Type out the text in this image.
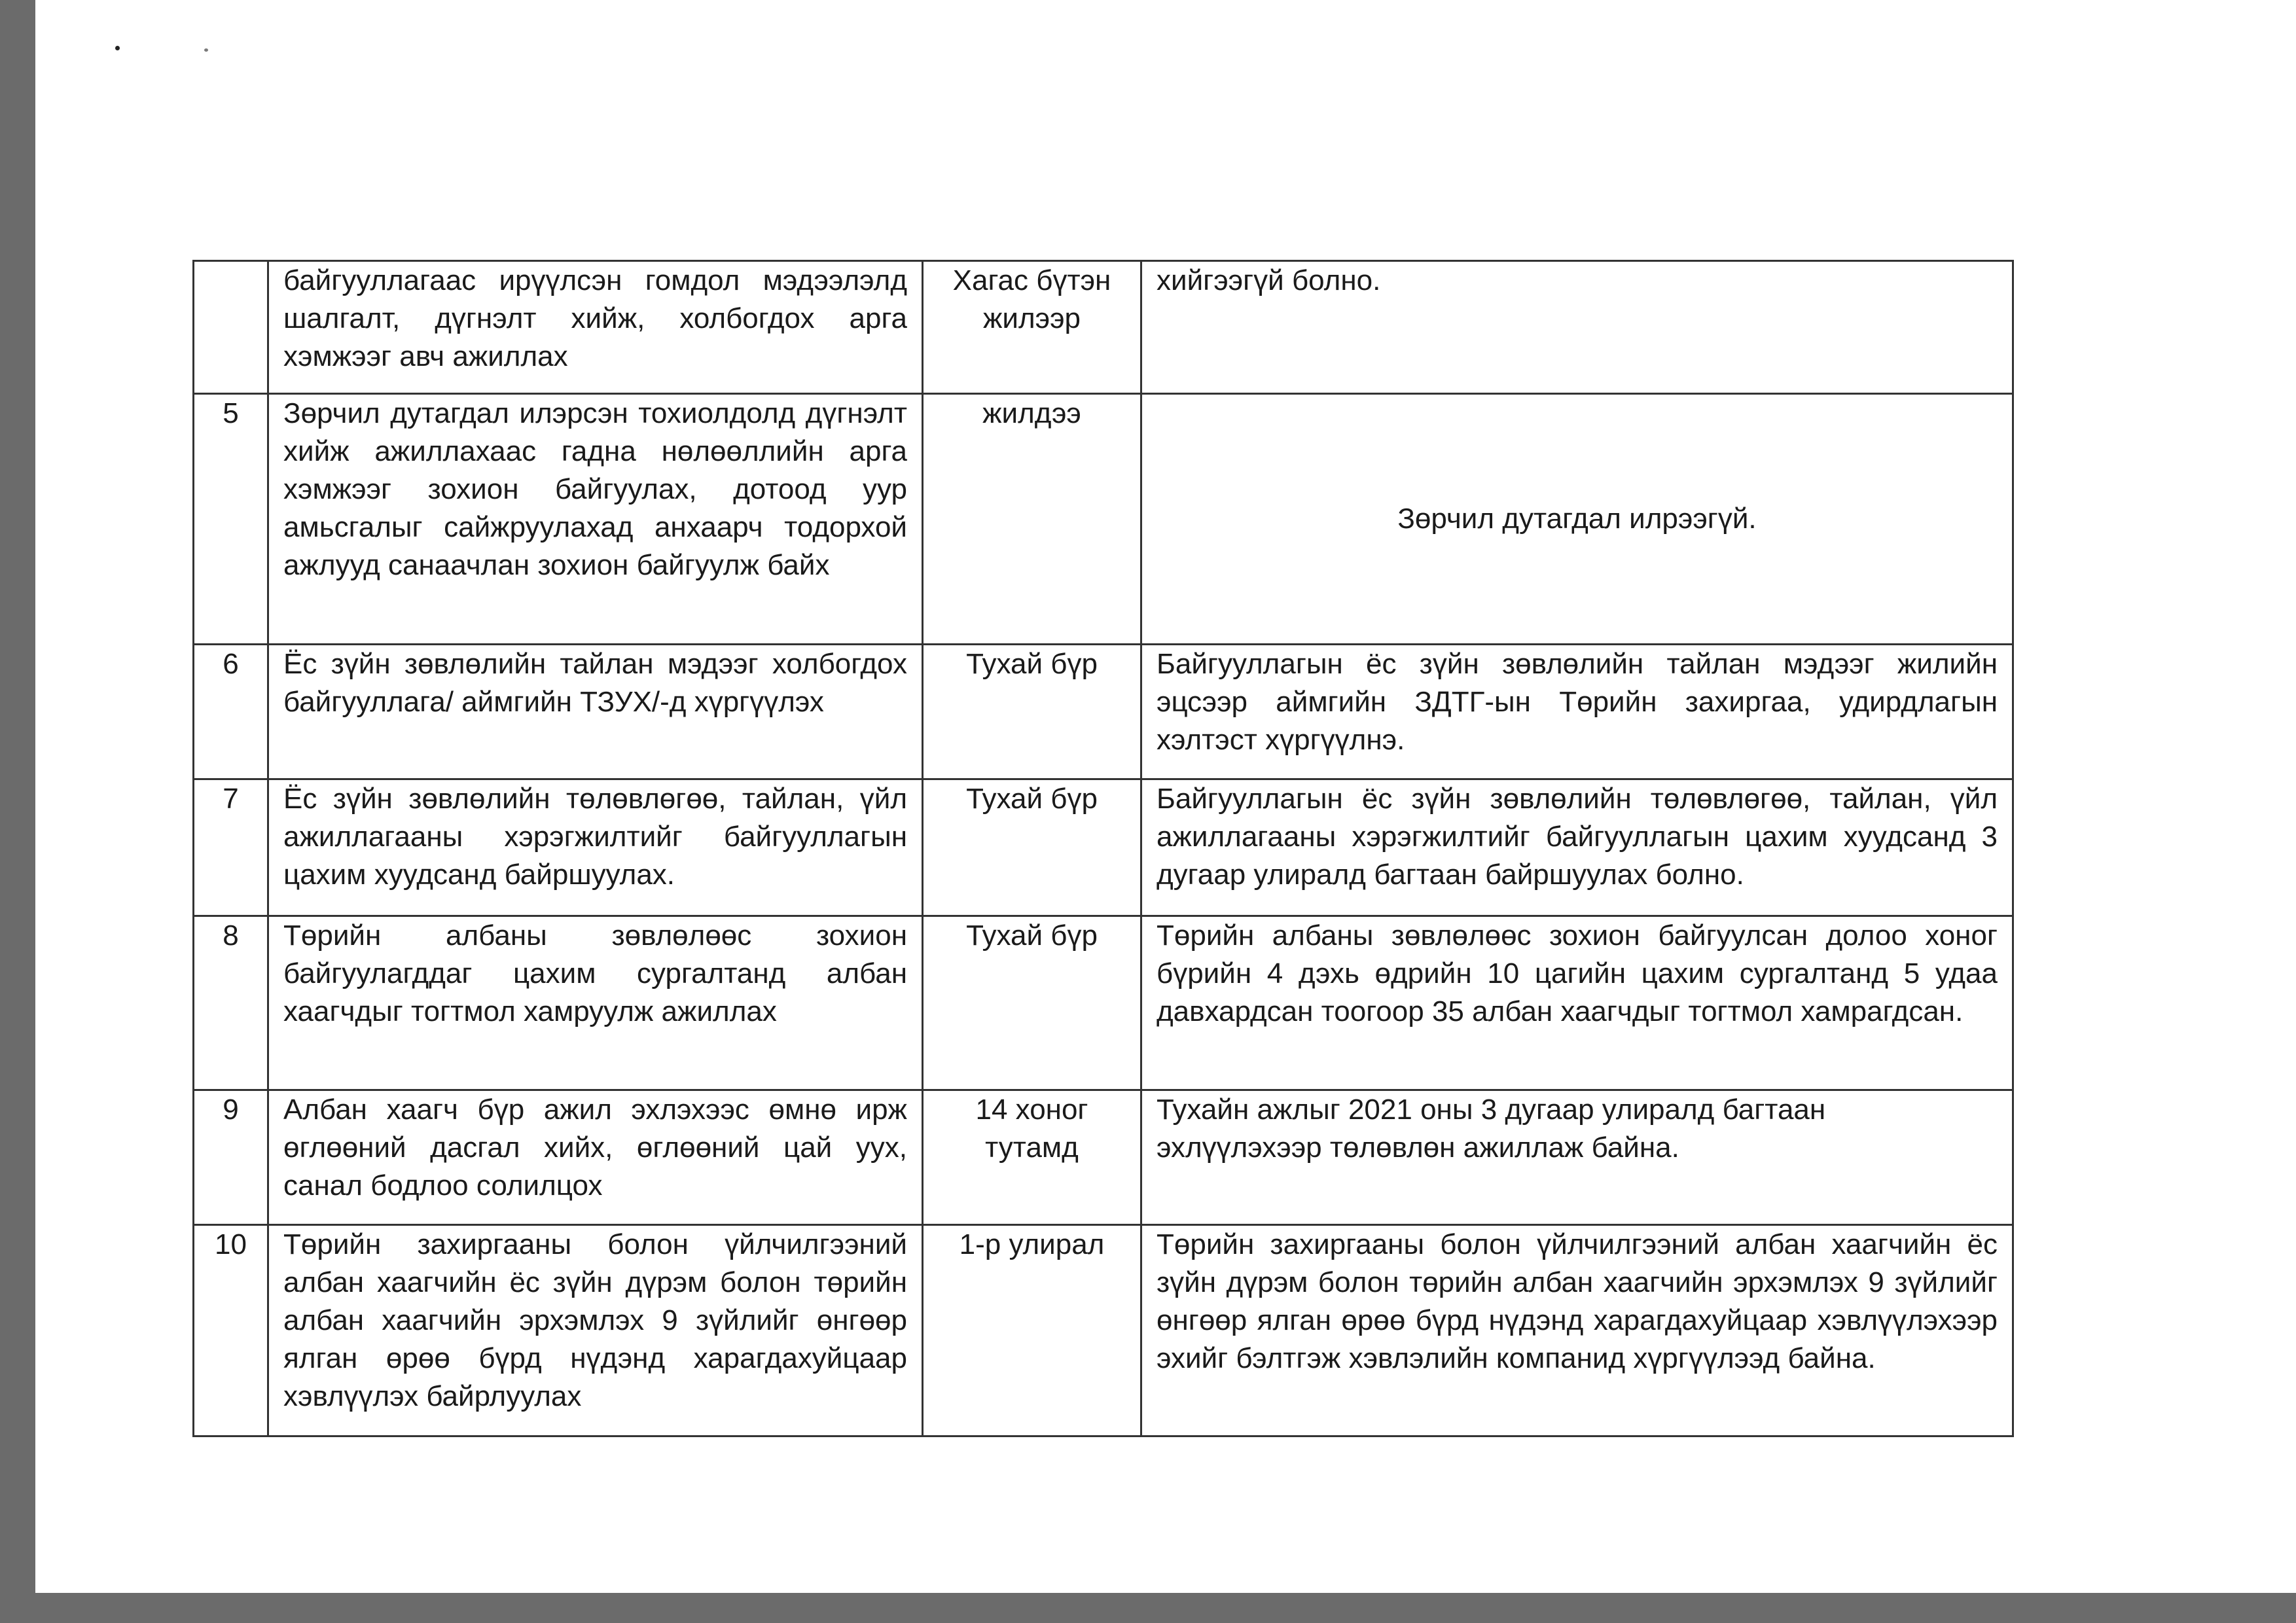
	байгууллагаас ирүүлсэн гомдол мэдээлэлд шалгалт, дүгнэлт хийж, холбогдох арга хэмжээг авч ажиллах	Хагас бүтэн жилээр	хийгээгүй болно.
5	Зөрчил дутагдал илэрсэн тохиолдолд дүгнэлт хийж ажиллахаас гадна нөлөөллийн арга хэмжээг зохион байгуулах, дотоод уур амьсгалыг сайжруулахад анхаарч тодорхой ажлууд санаачлан зохион байгуулж байх	жилдээ	Зөрчил дутагдал илрээгүй.
6	Ёс зүйн зөвлөлийн тайлан мэдээг холбогдох байгууллага/ аймгийн ТЗУХ/-д хүргүүлэх	Тухай бүр	Байгууллагын ёс зүйн зөвлөлийн тайлан мэдээг жилийн эцсээр аймгийн ЗДТГ-ын Төрийн захиргаа, удирдлагын хэлтэст хүргүүлнэ.
7	Ёс зүйн зөвлөлийн төлөвлөгөө, тайлан, үйл ажиллагааны хэрэгжилтийг байгууллагын цахим хуудсанд байршуулах.	Тухай бүр	Байгууллагын ёс зүйн зөвлөлийн төлөвлөгөө, тайлан, үйл ажиллагааны хэрэгжилтийг байгууллагын цахим хуудсанд 3 дугаар улиралд багтаан байршуулах болно.
8	Төрийн албаны зөвлөлөөс зохион байгуулагддаг цахим сургалтанд албан хаагчдыг тогтмол хамруулж ажиллах	Тухай бүр	Төрийн албаны зөвлөлөөс зохион байгуулсан долоо хоног бүрийн 4 дэхь өдрийн 10 цагийн цахим сургалтанд 5 удаа давхардсан тоогоор 35 албан хаагчдыг тогтмол хамрагдсан.
9	Албан хаагч бүр ажил эхлэхээс өмнө ирж өглөөний дасгал хийх, өглөөний цай уух, санал бодлоо солилцох	14 хоног тутамд	Тухайн ажлыг 2021 оны 3 дугаар улиралд багтаан эхлүүлэхээр төлөвлөн ажиллаж байна.
10	Төрийн захиргааны болон үйлчилгээний албан хаагчийн ёс зүйн дүрэм болон төрийн албан хаагчийн эрхэмлэх 9 зүйлийг өнгөөр ялган өрөө бүрд нүдэнд харагдахуйцаар хэвлүүлэх байрлуулах	1-р улирал	Төрийн захиргааны болон үйлчилгээний албан хаагчийн ёс зүйн дүрэм болон төрийн албан хаагчийн эрхэмлэх 9 зүйлийг өнгөөр ялган өрөө бүрд нүдэнд харагдахуйцаар хэвлүүлэхээр эхийг бэлтгэж хэвлэлийн компанид хүргүүлээд байна.
